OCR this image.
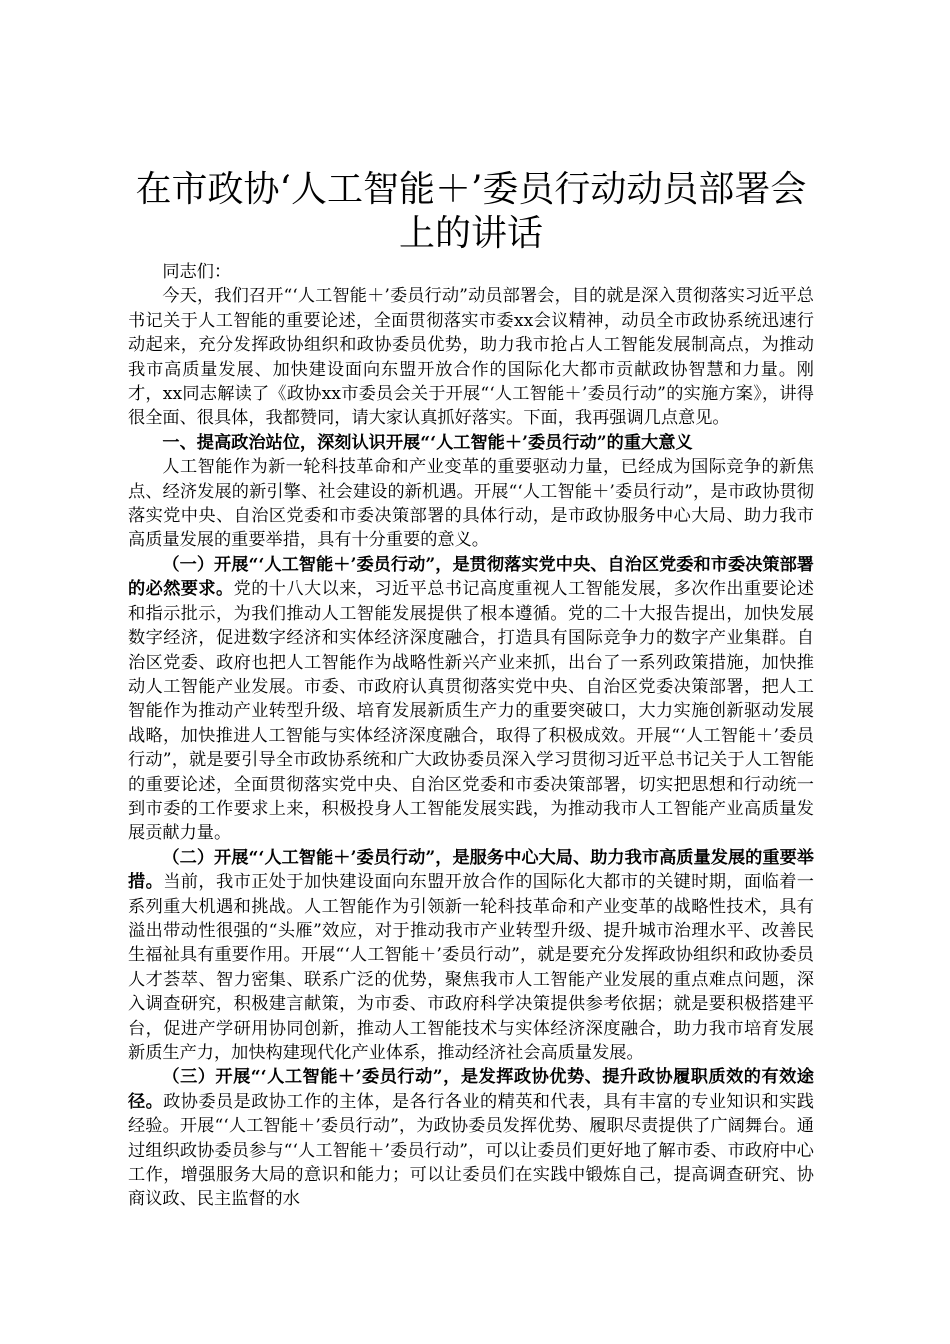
在市政协‘人工智能＋’委员行动动员部署会上的讲话

同志们：

今天，我们召开“‘人工智能＋’委员行动”动员部署会，目的就是深入贯彻落实习近平总书记关于人工智能的重要论述，全面贯彻落实市委xx会议精神，动员全市政协系统迅速行动起来，充分发挥政协组织和政协委员优势，助力我市抢占人工智能发展制高点，为推动我市高质量发展、加快建设面向东盟开放合作的国际化大都市贡献政协智慧和力量。刚才，xx同志解读了《政协xx市委员会关于开展“‘人工智能＋’委员行动”的实施方案》，讲得很全面、很具体，我都赞同，请大家认真抓好落实。下面，我再强调几点意见。

一、提高政治站位，深刻认识开展“‘人工智能＋’委员行动”的重大意义

人工智能作为新一轮科技革命和产业变革的重要驱动力量，已经成为国际竞争的新焦点、经济发展的新引擎、社会建设的新机遇。开展“‘人工智能＋’委员行动”，是市政协贯彻落实党中央、自治区党委和市委决策部署的具体行动，是市政协服务中心大局、助力我市高质量发展的重要举措，具有十分重要的意义。

（一）开展“‘人工智能＋’委员行动”，是贯彻落实党中央、自治区党委和市委决策部署的必然要求。党的十八大以来，习近平总书记高度重视人工智能发展，多次作出重要论述和指示批示，为我们推动人工智能发展提供了根本遵循。党的二十大报告提出，加快发展数字经济，促进数字经济和实体经济深度融合，打造具有国际竞争力的数字产业集群。自治区党委、政府也把人工智能作为战略性新兴产业来抓，出台了一系列政策措施，加快推动人工智能产业发展。市委、市政府认真贯彻落实党中央、自治区党委决策部署，把人工智能作为推动产业转型升级、培育发展新质生产力的重要突破口，大力实施创新驱动发展战略，加快推进人工智能与实体经济深度融合，取得了积极成效。开展“‘人工智能＋’委员行动”，就是要引导全市政协系统和广大政协委员深入学习贯彻习近平总书记关于人工智能的重要论述，全面贯彻落实党中央、自治区党委和市委决策部署，切实把思想和行动统一到市委的工作要求上来，积极投身人工智能发展实践，为推动我市人工智能产业高质量发展贡献力量。

（二）开展“‘人工智能＋’委员行动”，是服务中心大局、助力我市高质量发展的重要举措。当前，我市正处于加快建设面向东盟开放合作的国际化大都市的关键时期，面临着一系列重大机遇和挑战。人工智能作为引领新一轮科技革命和产业变革的战略性技术，具有溢出带动性很强的“头雁”效应，对于推动我市产业转型升级、提升城市治理水平、改善民生福祉具有重要作用。开展“‘人工智能＋’委员行动”，就是要充分发挥政协组织和政协委员人才荟萃、智力密集、联系广泛的优势，聚焦我市人工智能产业发展的重点难点问题，深入调查研究，积极建言献策，为市委、市政府科学决策提供参考依据；就是要积极搭建平台，促进产学研用协同创新，推动人工智能技术与实体经济深度融合，助力我市培育发展新质生产力，加快构建现代化产业体系，推动经济社会高质量发展。

（三）开展“‘人工智能＋’委员行动”，是发挥政协优势、提升政协履职质效的有效途径。政协委员是政协工作的主体，是各行各业的精英和代表，具有丰富的专业知识和实践经验。开展“‘人工智能＋’委员行动”，为政协委员发挥优势、履职尽责提供了广阔舞台。通过组织政协委员参与“‘人工智能＋’委员行动”，可以让委员们更好地了解市委、市政府中心工作，增强服务大局的意识和能力；可以让委员们在实践中锻炼自己，提高调查研究、协商议政、民主监督的水
